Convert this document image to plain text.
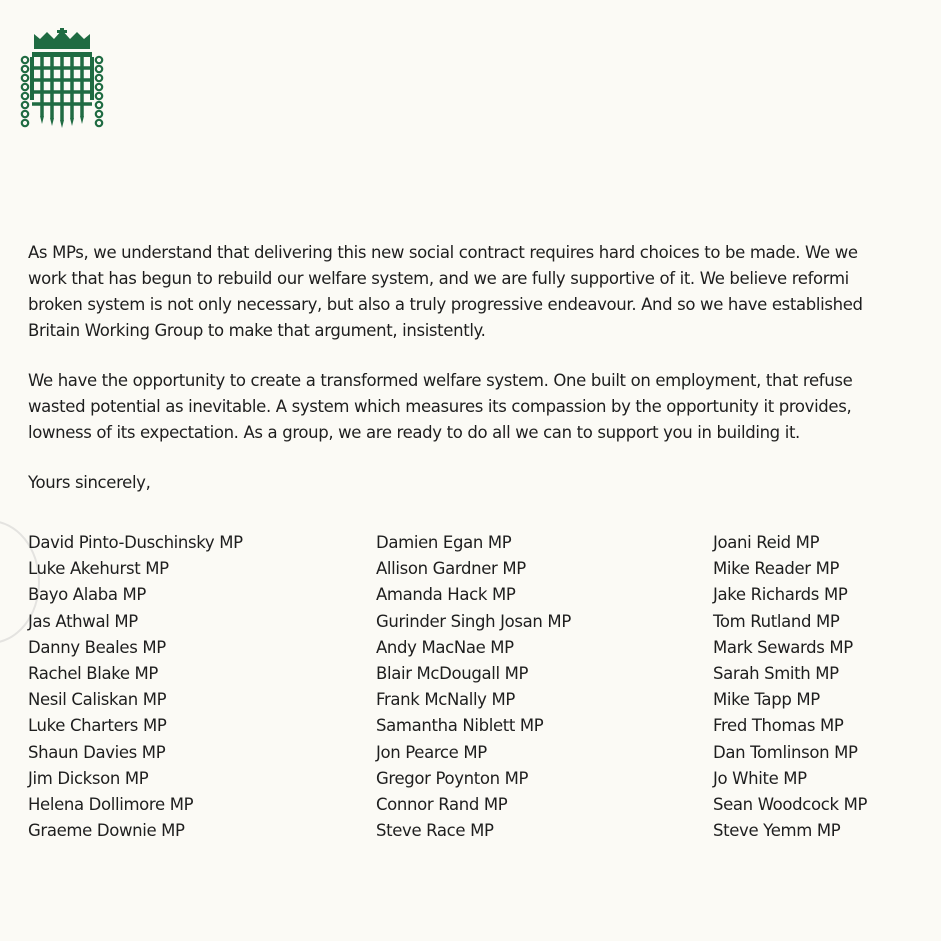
As MPs, we understand that delivering this new social contract requires hard choices to be made. We we
work that has begun to rebuild our welfare system, and we are fully supportive of it. We believe reformi
broken system is not only necessary, but also a truly progressive endeavour. And so we have established
Britain Working Group to make that argument, insistently.

We have the opportunity to create a transformed welfare system. One built on employment, that refuse
wasted potential as inevitable. A system which measures its compassion by the opportunity it provides,
lowness of its expectation. As a group, we are ready to do all we can to support you in building it.

Yours sincerely,

David Pinto-Duschinsky MP
Luke Akehurst MP
Bayo Alaba MP
Jas Athwal MP
Danny Beales MP
Rachel Blake MP
Nesil Caliskan MP
Luke Charters MP
Shaun Davies MP
Jim Dickson MP
Helena Dollimore MP
Graeme Downie MP
Damien Egan MP
Allison Gardner MP
Amanda Hack MP
Gurinder Singh Josan MP
Andy MacNae MP
Blair McDougall MP
Frank McNally MP
Samantha Niblett MP
Jon Pearce MP
Gregor Poynton MP
Connor Rand MP
Steve Race MP
Joani Reid MP
Mike Reader MP
Jake Richards MP
Tom Rutland MP
Mark Sewards MP
Sarah Smith MP
Mike Tapp MP
Fred Thomas MP
Dan Tomlinson MP
Jo White MP
Sean Woodcock MP
Steve Yemm MP
